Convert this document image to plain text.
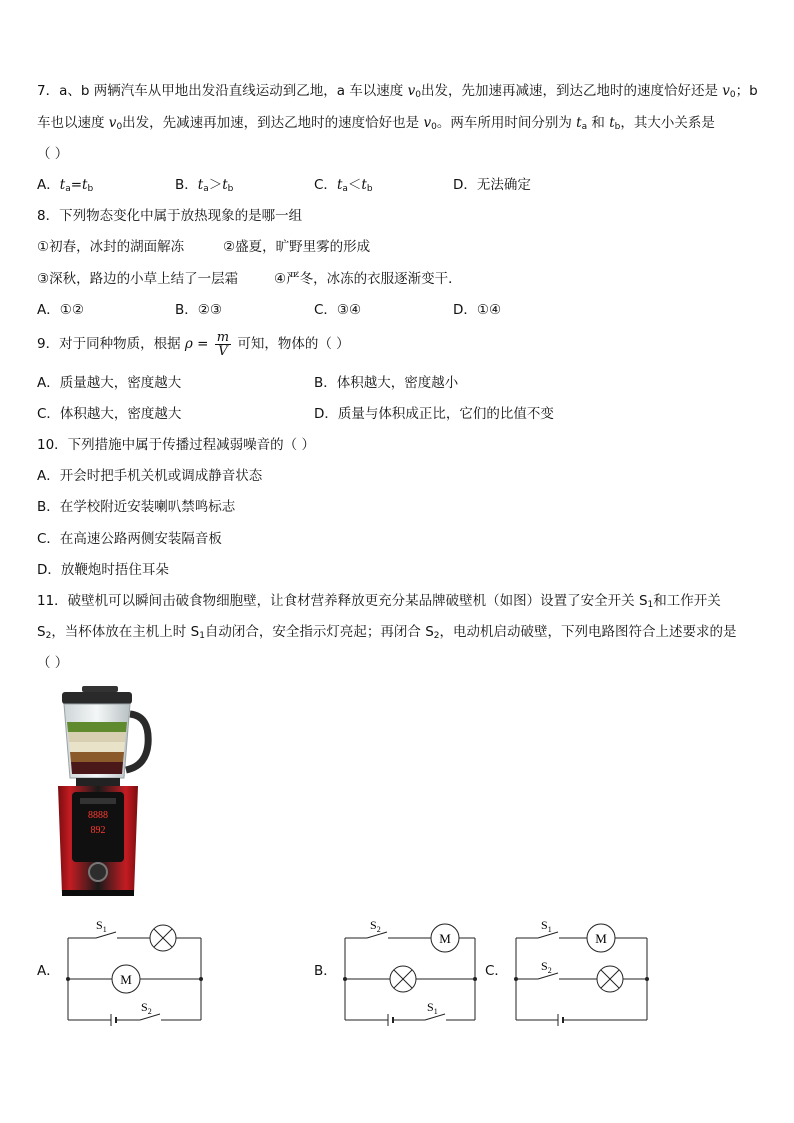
7．a、b 两辆汽车从甲地出发沿直线运动到乙地，a 车以速度 $v_0$出发，先加速再减速，到达乙地时的速度恰好还是 $v_0$；b
车也以速度 $v_0$出发，先减速再加速，到达乙地时的速度恰好也是 $v_0$。两车所用时间分别为 $t_a$ 和 $t_b$，其大小关系是
（ ）
A．$t_a=t_b$	B．$t_a>t_b$	C．$t_a<t_b$	D．无法确定
8．下列物态变化中属于放热现象的是哪一组
①初春，冰封的湖面解冻	②盛夏，旷野里雾的形成
③深秋，路边的小草上结了一层霜	④严冬，冰冻的衣服逐渐变干．
A．①②	B．②③	C．③④	D．①④
9．对于同种物质，根据 $\rho = \frac{m}{V}$ 可知，物体的（ ）
A．质量越大，密度越大	B．体积越大，密度越小
C．体积越大，密度越大	D．质量与体积成正比，它们的比值不变
10．下列措施中属于传播过程减弱噪音的（ ）
A．开会时把手机关机或调成静音状态
B．在学校附近安装喇叭禁鸣标志
C．在高速公路两侧安装隔音板
D．放鞭炮时捂住耳朵
11．破壁机可以瞬间击破食物细胞壁，让食材营养释放更充分某品牌破壁机（如图）设置了安全开关 $S_1$和工作开关
$S_2$，当杯体放在主机上时 $S_1$自动闭合，安全指示灯亮起；再闭合 $S_2$，电动机启动破壁，下列电路图符合上述要求的是
（ ）
8888
892
A．
$S_1$
M
$S_2$
B．
$S_2$
M
$S_1$
C．
$S_1$
M
$S_2$
